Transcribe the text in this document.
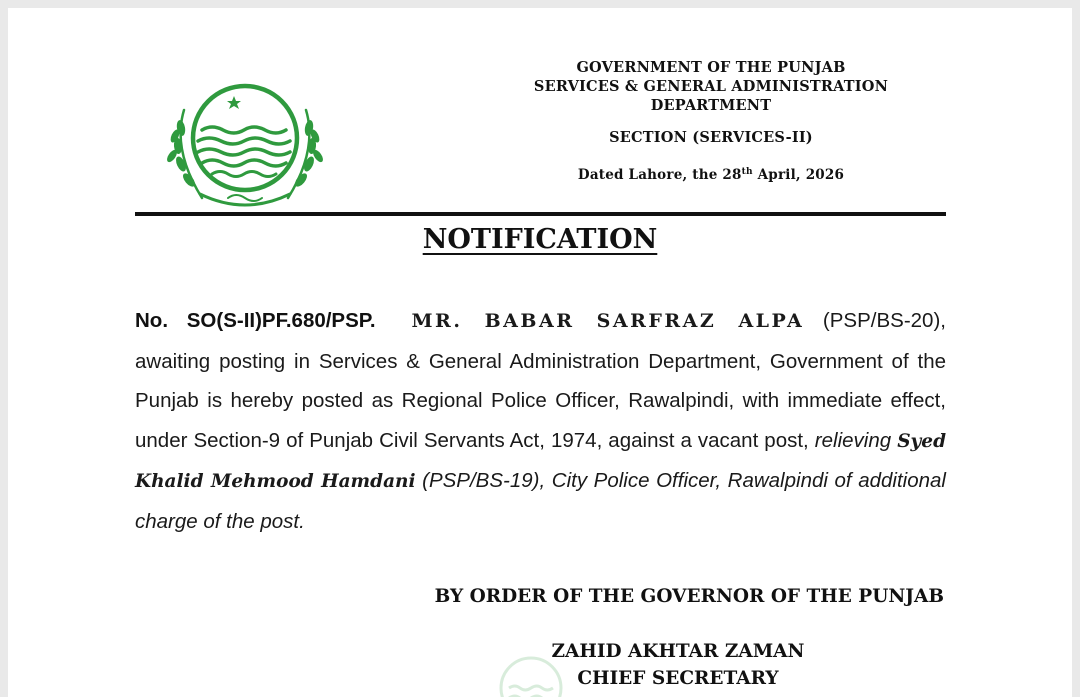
GOVERNMENT OF THE PUNJAB
SERVICES & GENERAL ADMINISTRATION
DEPARTMENT
SECTION (SERVICES-II)
Dated Lahore, the 28th April, 2026
NOTIFICATION
No. SO(S-II)PF.680/PSP. MR. BABAR SARFRAZ ALPA (PSP/BS-20), awaiting posting in Services & General Administration Department, Government of the Punjab is hereby posted as Regional Police Officer, Rawalpindi, with immediate effect, under Section-9 of Punjab Civil Servants Act, 1974, against a vacant post, relieving Syed Khalid Mehmood Hamdani (PSP/BS-19), City Police Officer, Rawalpindi of additional charge of the post.
BY ORDER OF THE GOVERNOR OF THE PUNJAB
ZAHID AKHTAR ZAMAN
CHIEF SECRETARY
